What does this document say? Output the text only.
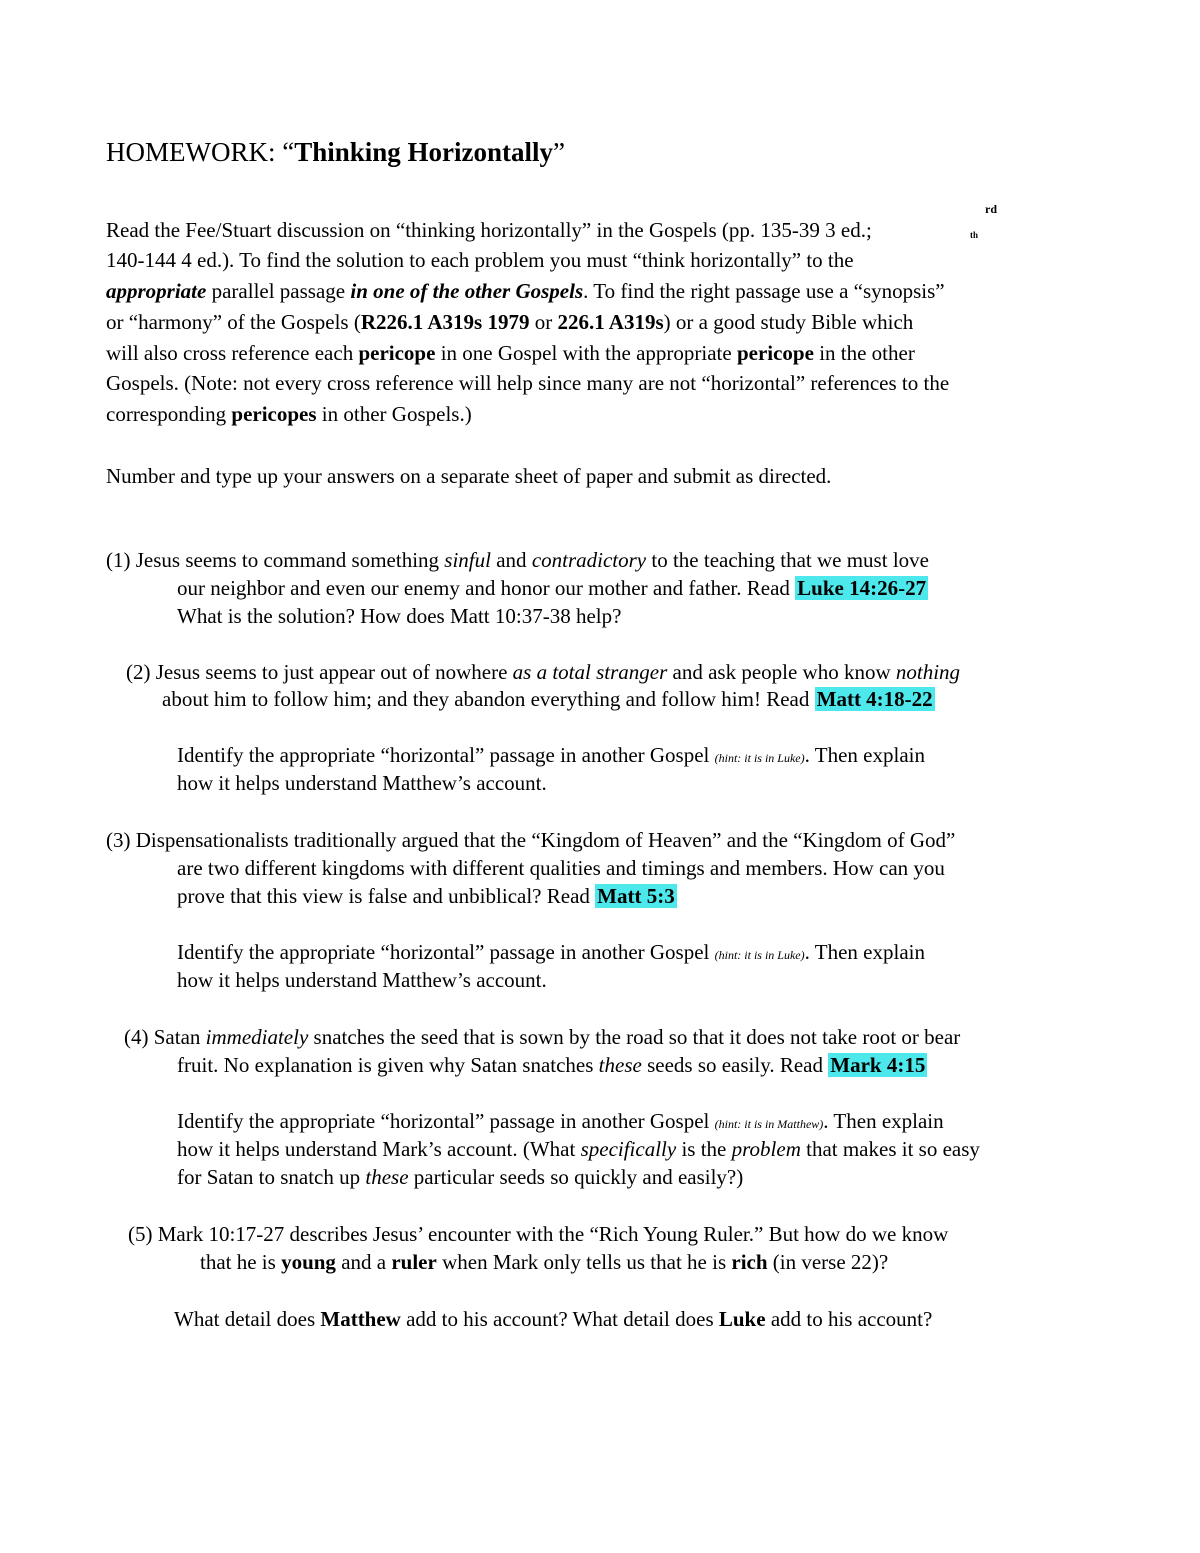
HOMEWORK: “Thinking Horizontally”
rd
th
Read the Fee/Stuart discussion on “thinking horizontally” in the Gospels (pp. 135-39 3 ed.;
140-144 4 ed.). To find the solution to each problem you must “think horizontally” to the
appropriate parallel passage in one of the other Gospels. To find the right passage use a “synopsis”
or “harmony” of the Gospels (R226.1 A319s 1979 or 226.1 A319s) or a good study Bible which
will also cross reference each pericope in one Gospel with the appropriate pericope in the other
Gospels. (Note: not every cross reference will help since many are not “horizontal” references to the
corresponding pericopes in other Gospels.)
Number and type up your answers on a separate sheet of paper and submit as directed.
(1) Jesus seems to command something sinful and contradictory to the teaching that we must love
our neighbor and even our enemy and honor our mother and father. Read Luke 14:26-27
What is the solution? How does Matt 10:37-38 help?
(2) Jesus seems to just appear out of nowhere as a total stranger and ask people who know nothing
about him to follow him; and they abandon everything and follow him! Read Matt 4:18-22
Identify the appropriate “horizontal” passage in another Gospel (hint: it is in Luke). Then explain
how it helps understand Matthew’s account.
(3) Dispensationalists traditionally argued that the “Kingdom of Heaven” and the “Kingdom of God”
are two different kingdoms with different qualities and timings and members. How can you
prove that this view is false and unbiblical? Read Matt 5:3
Identify the appropriate “horizontal” passage in another Gospel (hint: it is in Luke). Then explain
how it helps understand Matthew’s account.
(4) Satan immediately snatches the seed that is sown by the road so that it does not take root or bear
fruit. No explanation is given why Satan snatches these seeds so easily. Read Mark 4:15
Identify the appropriate “horizontal” passage in another Gospel (hint: it is in Matthew). Then explain
how it helps understand Mark’s account. (What specifically is the problem that makes it so easy
for Satan to snatch up these particular seeds so quickly and easily?)
(5) Mark 10:17-27 describes Jesus’ encounter with the “Rich Young Ruler.” But how do we know
that he is young and a ruler when Mark only tells us that he is rich (in verse 22)?
What detail does Matthew add to his account? What detail does Luke add to his account?
